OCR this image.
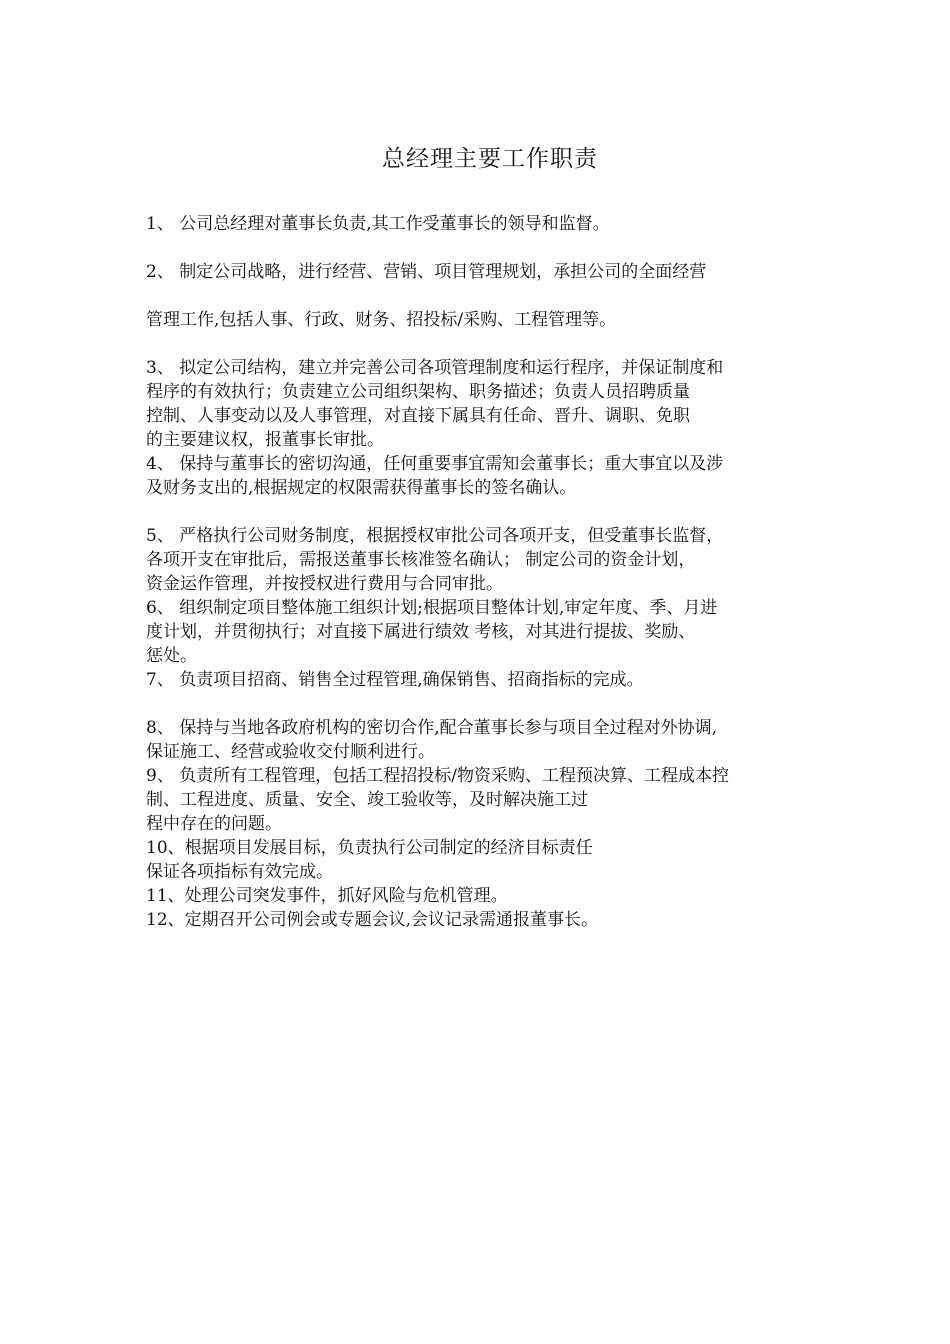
总经理主要工作职责
1、 公司总经理对董事长负责,其工作受董事长的领导和监督。
2、 制定公司战略，进行经营、营销、项目管理规划，承担公司的全面经营
管理工作,包括人事、行政、财务、招投标/采购、工程管理等。
3、 拟定公司结构，建立并完善公司各项管理制度和运行程序，并保证制度和
程序的有效执行；负责建立公司组织架构、职务描述；负责人员招聘质量
控制、人事变动以及人事管理，对直接下属具有任命、晋升、调职、免职
的主要建议权，报董事长审批。
4、 保持与董事长的密切沟通，任何重要事宜需知会董事长；重大事宜以及涉
及财务支出的,根据规定的权限需获得董事长的签名确认。
5、 严格执行公司财务制度，根据授权审批公司各项开支，但受董事长监督，
各项开支在审批后，需报送董事长核准签名确认； 制定公司的资金计划，
资金运作管理，并按授权进行费用与合同审批。
6、 组织制定项目整体施工组织计划;根据项目整体计划,审定年度、季、月进
度计划，并贯彻执行；对直接下属进行绩效 考核，对其进行提拔、奖励、
惩处。
7、 负责项目招商、销售全过程管理,确保销售、招商指标的完成。
8、 保持与当地各政府机构的密切合作,配合董事长参与项目全过程对外协调,
保证施工、经营或验收交付顺利进行。
9、 负责所有工程管理，包括工程招投标/物资采购、工程预决算、工程成本控
制、工程进度、质量、安全、竣工验收等，及时解决施工过
程中存在的问题。
10、根据项目发展目标，负责执行公司制定的经济目标责任
保证各项指标有效完成。
11、处理公司突发事件，抓好风险与危机管理。
12、定期召开公司例会或专题会议,会议记录需通报董事长。
